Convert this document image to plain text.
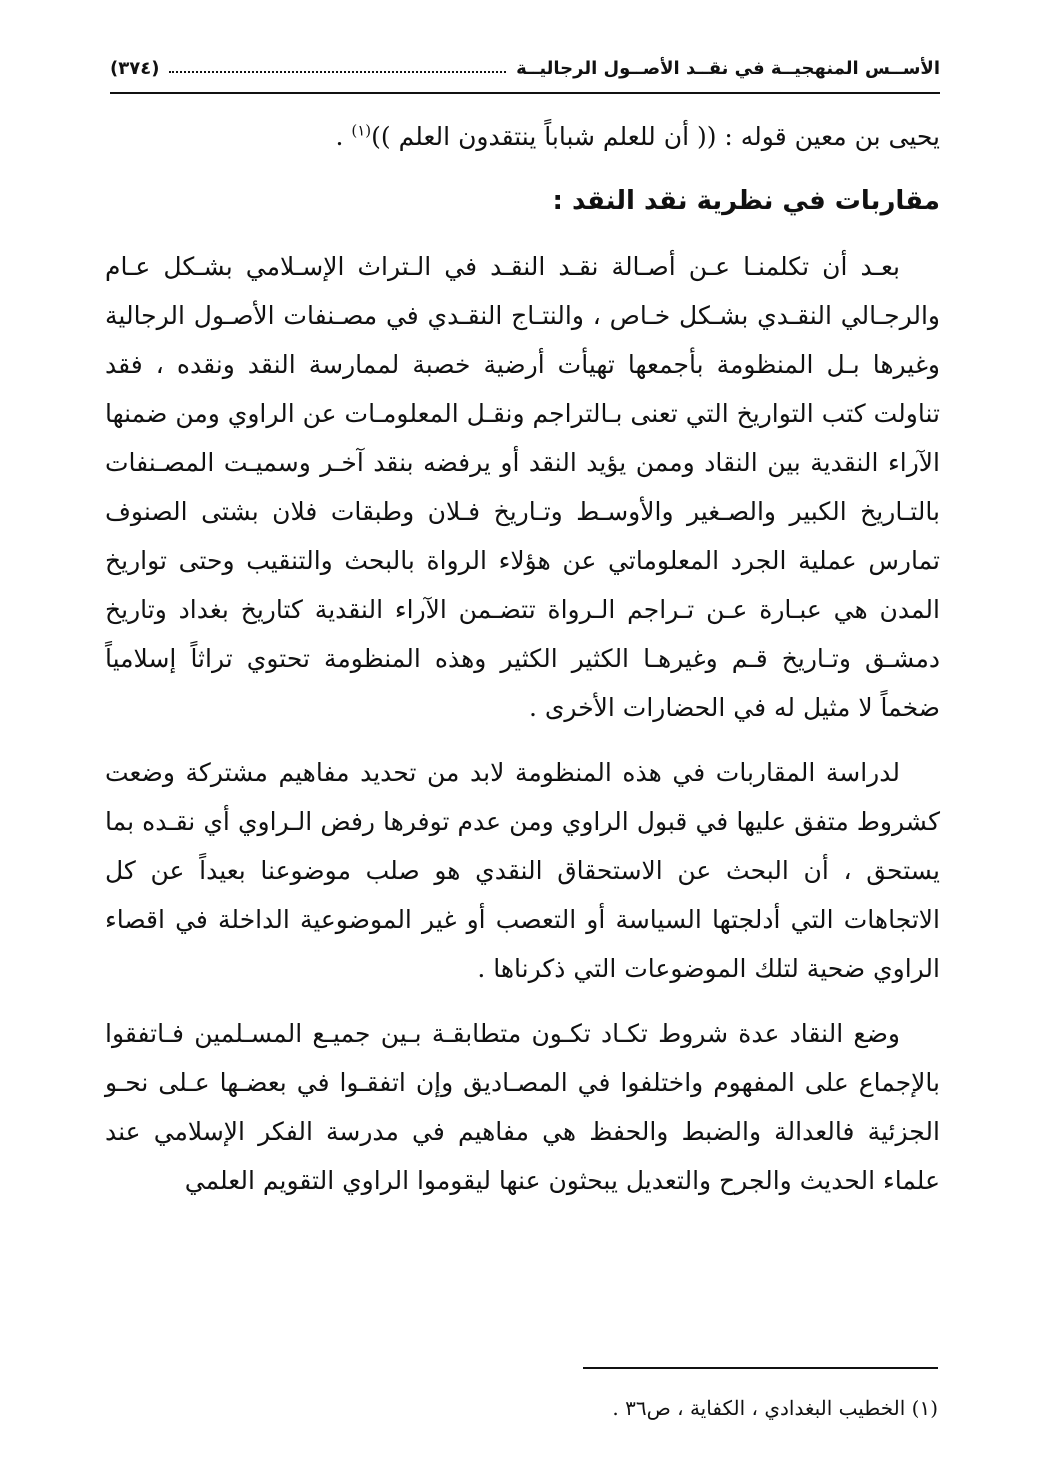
الأســس المنهجيــة في نقــد الأصــول الرجاليــة
(٣٧٤)

يحيى بن معين قوله : (( أن للعلم شباباً ينتقدون العلم ))$^{(١)}$ .

مقاربات في نظرية نقد النقد :

بعـد أن تكلمنـا عـن أصـالة نقـد النقـد في الـتراث الإسـلامي بشـكل عـام والرجـالي النقـدي بشـكل خـاص ، والنتـاج النقـدي في مصـنفات الأصـول الرجالية وغيرها بـل المنظومة بأجمعها تهيأت أرضية خصبة لممارسة النقد ونقده ، فقد تناولت كتب التواريخ التي تعنى بـالتراجم ونقـل المعلومـات عن الراوي ومن ضمنها الآراء النقدية بين النقاد وممن يؤيد النقد أو يرفضه بنقد آخـر وسميـت المصـنفات بالتـاريخ الكبير والصـغير والأوسـط وتـاريخ فـلان وطبقات فلان بشتى الصنوف تمارس عملية الجرد المعلوماتي عن هؤلاء الرواة بالبحث والتنقيب وحتى تواريخ المدن هي عبـارة عـن تـراجم الـرواة تتضـمن الآراء النقدية كتاريخ بغداد وتاريخ دمشـق وتـاريخ قـم وغيرهـا الكثير الكثير وهذه المنظومة تحتوي تراثاً إسلامياً ضخماً لا مثيل له في الحضارات الأخرى .

لدراسة المقاربات في هذه المنظومة لابد من تحديد مفاهيم مشتركة وضعت كشروط متفق عليها في قبول الراوي ومن عدم توفرها رفض الـراوي أي نقـده بما يستحق ، أن البحث عن الاستحقاق النقدي هو صلب موضوعنا بعيداً عن كل الاتجاهات التي أدلجتها السياسة أو التعصب أو غير الموضوعية الداخلة في اقصاء الراوي ضحية لتلك الموضوعات التي ذكرناها .

وضع النقاد عدة شروط تكـاد تكـون متطابقـة بـين جميـع المسـلمين فـاتفقوا بالإجماع على المفهوم واختلفوا في المصـاديق وإن اتفقـوا في بعضـها عـلى نحـو الجزئية فالعدالة والضبط والحفظ هي مفاهيم في مدرسة الفكر الإسلامي عند علماء الحديث والجرح والتعديل يبحثون عنها ليقوموا الراوي التقويم العلمي

(١) الخطيب البغدادي ، الكفاية ، ص٣٦ .
